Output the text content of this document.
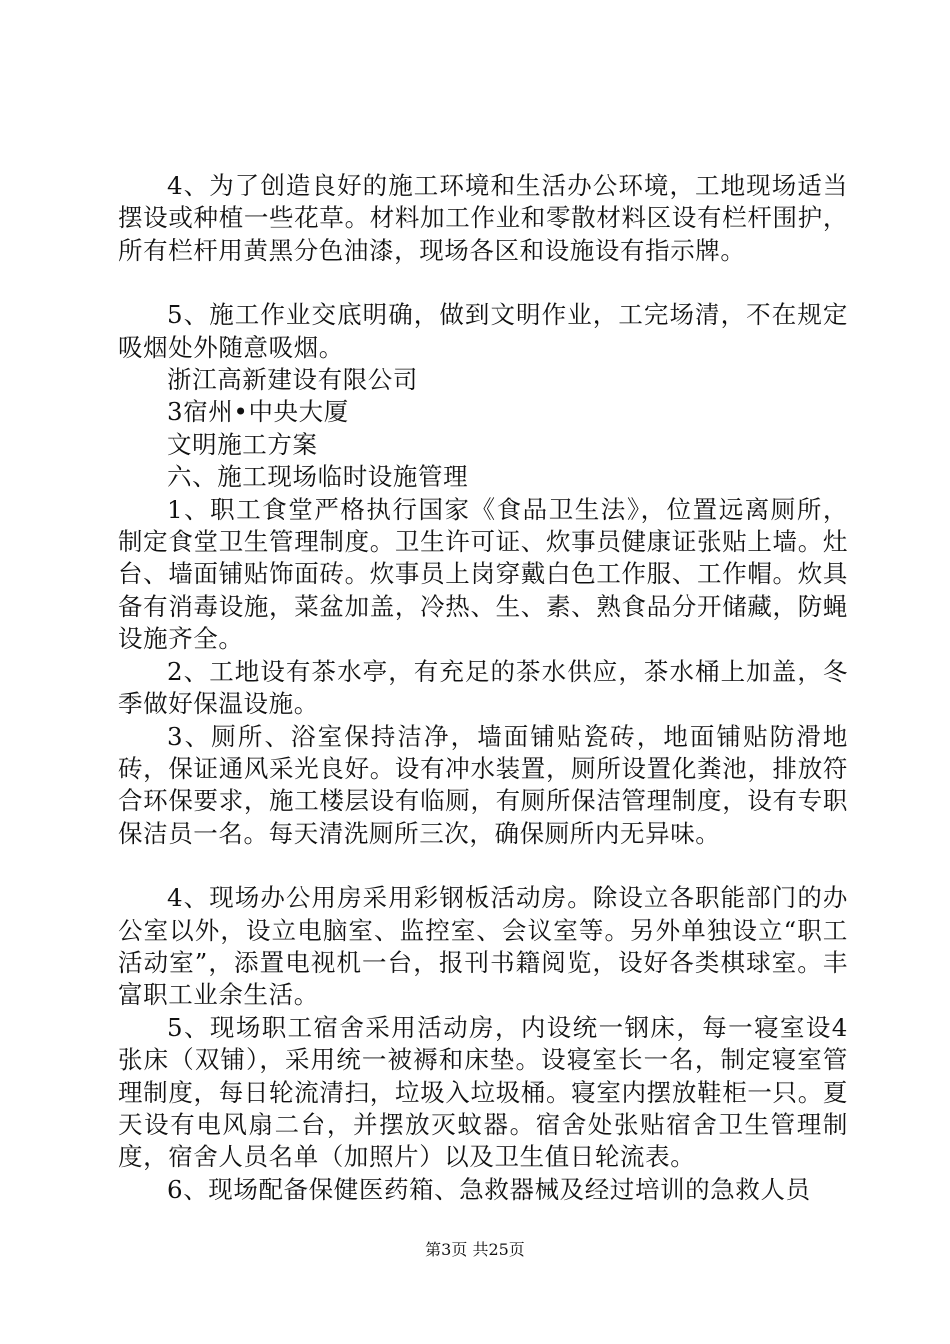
4、为了创造良好的施工环境和生活办公环境，工地现场适当摆设或种植一些花草。材料加工作业和零散材料区设有栏杆围护，所有栏杆用黄黑分色油漆，现场各区和设施设有指示牌。

5、施工作业交底明确，做到文明作业，工完场清，不在规定吸烟处外随意吸烟。

浙江高新建设有限公司
3宿州•中央大厦
文明施工方案
六、施工现场临时设施管理

1、职工食堂严格执行国家《食品卫生法》，位置远离厕所，制定食堂卫生管理制度。卫生许可证、炊事员健康证张贴上墙。灶台、墙面铺贴饰面砖。炊事员上岗穿戴白色工作服、工作帽。炊具备有消毒设施，菜盆加盖，冷热、生、素、熟食品分开储藏，防蝇设施齐全。

2、工地设有茶水亭，有充足的茶水供应，茶水桶上加盖，冬季做好保温设施。

3、厕所、浴室保持洁净，墙面铺贴瓷砖，地面铺贴防滑地砖，保证通风采光良好。设有冲水装置，厕所设置化粪池，排放符合环保要求，施工楼层设有临厕，有厕所保洁管理制度，设有专职保洁员一名。每天清洗厕所三次，确保厕所内无异味。

4、现场办公用房采用彩钢板活动房。除设立各职能部门的办公室以外，设立电脑室、监控室、会议室等。另外单独设立“职工活动室”，添置电视机一台，报刊书籍阅览，设好各类棋球室。丰富职工业余生活。

5、现场职工宿舍采用活动房，内设统一钢床，每一寝室设4张床（双铺），采用统一被褥和床垫。设寝室长一名，制定寝室管理制度，每日轮流清扫，垃圾入垃圾桶。寝室内摆放鞋柜一只。夏天设有电风扇二台，并摆放灭蚊器。宿舍处张贴宿舍卫生管理制度，宿舍人员名单（加照片）以及卫生值日轮流表。

6、现场配备保健医药箱、急救器械及经过培训的急救人员

第3页 共25页
